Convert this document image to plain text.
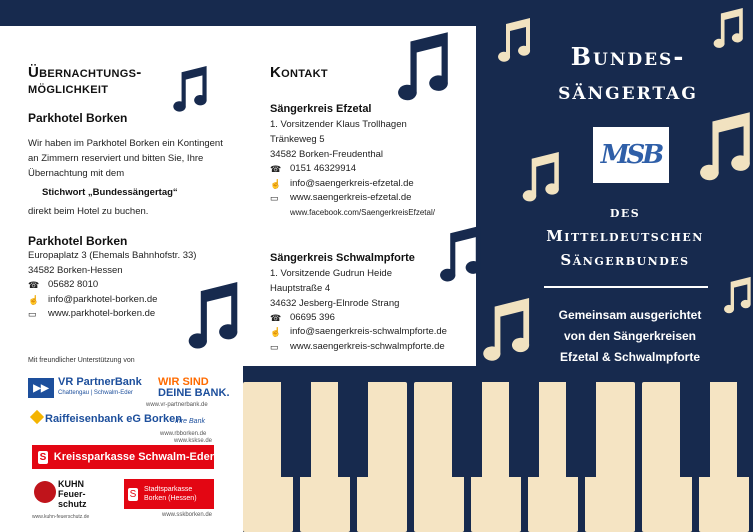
Übernachtungs-
möglichkeit
Parkhotel Borken
Wir haben im Parkhotel Borken ein Kontingent
an Zimmern reserviert und bitten Sie, Ihre
Übernachtung mit dem
Stichwort „Bundessängertag“
direkt beim Hotel zu buchen.
Parkhotel Borken
Europaplatz 3 (Ehemals Bahnhofstr. 33)
34582 Borken-Hessen
☎ 05682 8010
☝ info@parkhotel-borken.de
▭	www.parkhotel-borken.de
Kontakt
Sängerkreis Efzetal
1. Vorsitzender Klaus Trollhagen
Tränkeweg 5
34582 Borken-Freudenthal
☎ 0151 46329914
☝ info@saengerkreis-efzetal.de
▭	www.saengerkreis-efzetal.de
www.facebook.com/SaengerkreisEfzetal/
Sängerkreis Schwalmpforte
1. Vorsitzende Gudrun Heide
Hauptstraße 4
34632 Jesberg-Elnrode Strang
☎ 06695 396
☝ info@saengerkreis-schwalmpforte.de
▭	www.saengerkreis-schwalmpforte.de
Bundes-
sängertag
MSB
des
Mitteldeutschen
Sängerbundes
Gemeinsam ausgerichtet
von den Sängerkreisen
Efzetal & Schwalmpforte
Mit freundlicher Unterstützung von
▶▶ VR PartnerBank
Chattengau | Schwalm-Eder
WIR SIND
DEINE BANK.
www.vr-partnerbank.de
Raiffeisenbank eG Borken
Ihre Bank
www.rbborken.de
www.ksksе.de
S Kreissparkasse Schwalm-Eder
KUHN
Feuer-
schutz
www.kuhn-feuerschutz.de
S Stadtsparkasse
Borken (Hessen)
www.sskborken.de
